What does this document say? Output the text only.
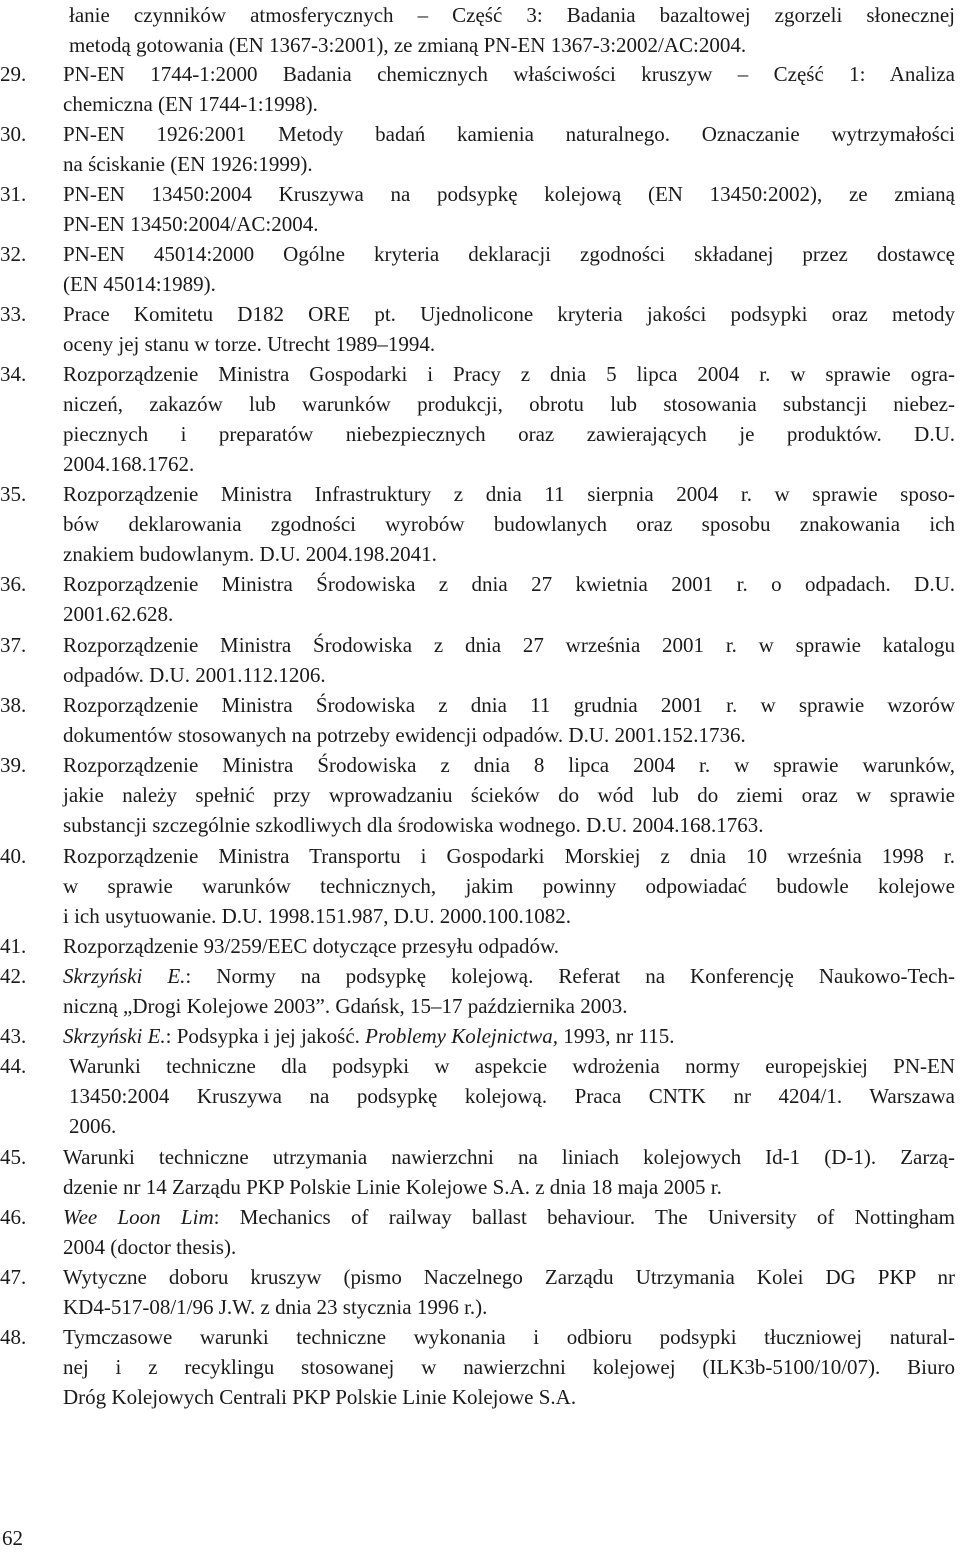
łanie czynników atmosferycznych – Część 3: Badania bazaltowej zgorzeli słonecznej
metodą gotowania (EN 1367-3:2001), ze zmianą PN-EN 1367-3:2002/AC:2004.
29.	PN-EN 1744-1:2000 Badania chemicznych właściwości kruszyw – Część 1: Analiza
chemiczna (EN 1744-1:1998).
30.	PN-EN 1926:2001 Metody badań kamienia naturalnego. Oznaczanie wytrzymałości
na ściskanie (EN 1926:1999).
31.	PN-EN 13450:2004 Kruszywa na podsypkę kolejową (EN 13450:2002), ze zmianą
PN-EN 13450:2004/AC:2004.
32.	PN-EN 45014:2000 Ogólne kryteria deklaracji zgodności składanej przez dostawcę
(EN 45014:1989).
33.	Prace Komitetu D182 ORE pt. Ujednolicone kryteria jakości podsypki oraz metody
oceny jej stanu w torze. Utrecht 1989–1994.
34.	Rozporządzenie Ministra Gospodarki i Pracy z dnia 5 lipca 2004 r. w sprawie ogra-
niczeń, zakazów lub warunków produkcji, obrotu lub stosowania substancji niebez-
piecznych i preparatów niebezpiecznych oraz zawierających je produktów. D.U.
2004.168.1762.
35.	Rozporządzenie Ministra Infrastruktury z dnia 11 sierpnia 2004 r. w sprawie sposo-
bów deklarowania zgodności wyrobów budowlanych oraz sposobu znakowania ich
znakiem budowlanym. D.U. 2004.198.2041.
36.	Rozporządzenie Ministra Środowiska z dnia 27 kwietnia 2001 r. o odpadach. D.U.
2001.62.628.
37.	Rozporządzenie Ministra Środowiska z dnia 27 września 2001 r. w sprawie katalogu
odpadów. D.U. 2001.112.1206.
38.	Rozporządzenie Ministra Środowiska z dnia 11 grudnia 2001 r. w sprawie wzorów
dokumentów stosowanych na potrzeby ewidencji odpadów. D.U. 2001.152.1736.
39.	Rozporządzenie Ministra Środowiska z dnia 8 lipca 2004 r. w sprawie warunków,
jakie należy spełnić przy wprowadzaniu ścieków do wód lub do ziemi oraz w sprawie
substancji szczególnie szkodliwych dla środowiska wodnego. D.U. 2004.168.1763.
40.	Rozporządzenie Ministra Transportu i Gospodarki Morskiej z dnia 10 września 1998 r.
w sprawie warunków technicznych, jakim powinny odpowiadać budowle kolejowe
i ich usytuowanie. D.U. 1998.151.987, D.U. 2000.100.1082.
41.	Rozporządzenie 93/259/EEC dotyczące przesyłu odpadów.
42.	Skrzyński E.: Normy na podsypkę kolejową. Referat na Konferencję Naukowo-Tech-
niczną „Drogi Kolejowe 2003”. Gdańsk, 15–17 października 2003.
43.	Skrzyński E.: Podsypka i jej jakość. Problemy Kolejnictwa, 1993, nr 115.
44.	Warunki techniczne dla podsypki w aspekcie wdrożenia normy europejskiej PN-EN
13450:2004 Kruszywa na podsypkę kolejową. Praca CNTK nr 4204/1. Warszawa
2006.
45.	Warunki techniczne utrzymania nawierzchni na liniach kolejowych Id-1 (D-1). Zarzą-
dzenie nr 14 Zarządu PKP Polskie Linie Kolejowe S.A. z dnia 18 maja 2005 r.
46.	Wee Loon Lim: Mechanics of railway ballast behaviour. The University of Nottingham
2004 (doctor thesis).
47.	Wytyczne doboru kruszyw (pismo Naczelnego Zarządu Utrzymania Kolei DG PKP nr
KD4-517-08/1/96 J.W. z dnia 23 stycznia 1996 r.).
48.	Tymczasowe warunki techniczne wykonania i odbioru podsypki tłuczniowej natural-
nej i z recyklingu stosowanej w nawierzchni kolejowej (ILK3b-5100/10/07). Biuro
Dróg Kolejowych Centrali PKP Polskie Linie Kolejowe S.A.
62
